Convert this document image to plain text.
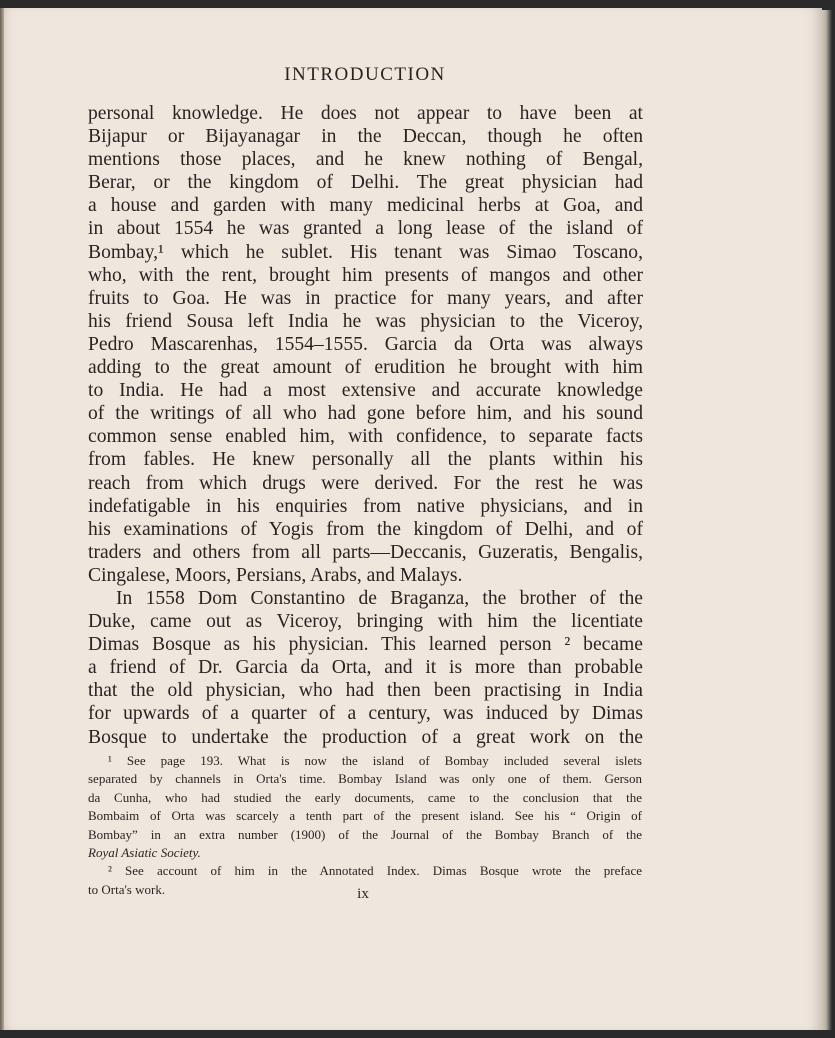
INTRODUCTION
personal knowledge. He does not appear to have been at
Bijapur or Bijayanagar in the Deccan, though he often
mentions those places, and he knew nothing of Bengal,
Berar, or the kingdom of Delhi. The great physician had
a house and garden with many medicinal herbs at Goa, and
in about 1554 he was granted a long lease of the island of
Bombay,¹ which he sublet. His tenant was Simao Toscano,
who, with the rent, brought him presents of mangos and other
fruits to Goa. He was in practice for many years, and after
his friend Sousa left India he was physician to the Viceroy,
Pedro Mascarenhas, 1554–1555. Garcia da Orta was always
adding to the great amount of erudition he brought with him
to India. He had a most extensive and accurate knowledge
of the writings of all who had gone before him, and his sound
common sense enabled him, with confidence, to separate facts
from fables. He knew personally all the plants within his
reach from which drugs were derived. For the rest he was
indefatigable in his enquiries from native physicians, and in
his examinations of Yogis from the kingdom of Delhi, and of
traders and others from all parts—Deccanis, Guzeratis, Bengalis,
Cingalese, Moors, Persians, Arabs, and Malays.
In 1558 Dom Constantino de Braganza, the brother of the
Duke, came out as Viceroy, bringing with him the licentiate
Dimas Bosque as his physician. This learned person ² became
a friend of Dr. Garcia da Orta, and it is more than probable
that the old physician, who had then been practising in India
for upwards of a quarter of a century, was induced by Dimas
Bosque to undertake the production of a great work on the
¹ See page 193. What is now the island of Bombay included several islets
separated by channels in Orta's time. Bombay Island was only one of them. Gerson
da Cunha, who had studied the early documents, came to the conclusion that the
Bombaim of Orta was scarcely a tenth part of the present island. See his “ Origin of
Bombay” in an extra number (1900) of the Journal of the Bombay Branch of the
Royal Asiatic Society.
² See account of him in the Annotated Index. Dimas Bosque wrote the preface
to Orta's work.	ix
